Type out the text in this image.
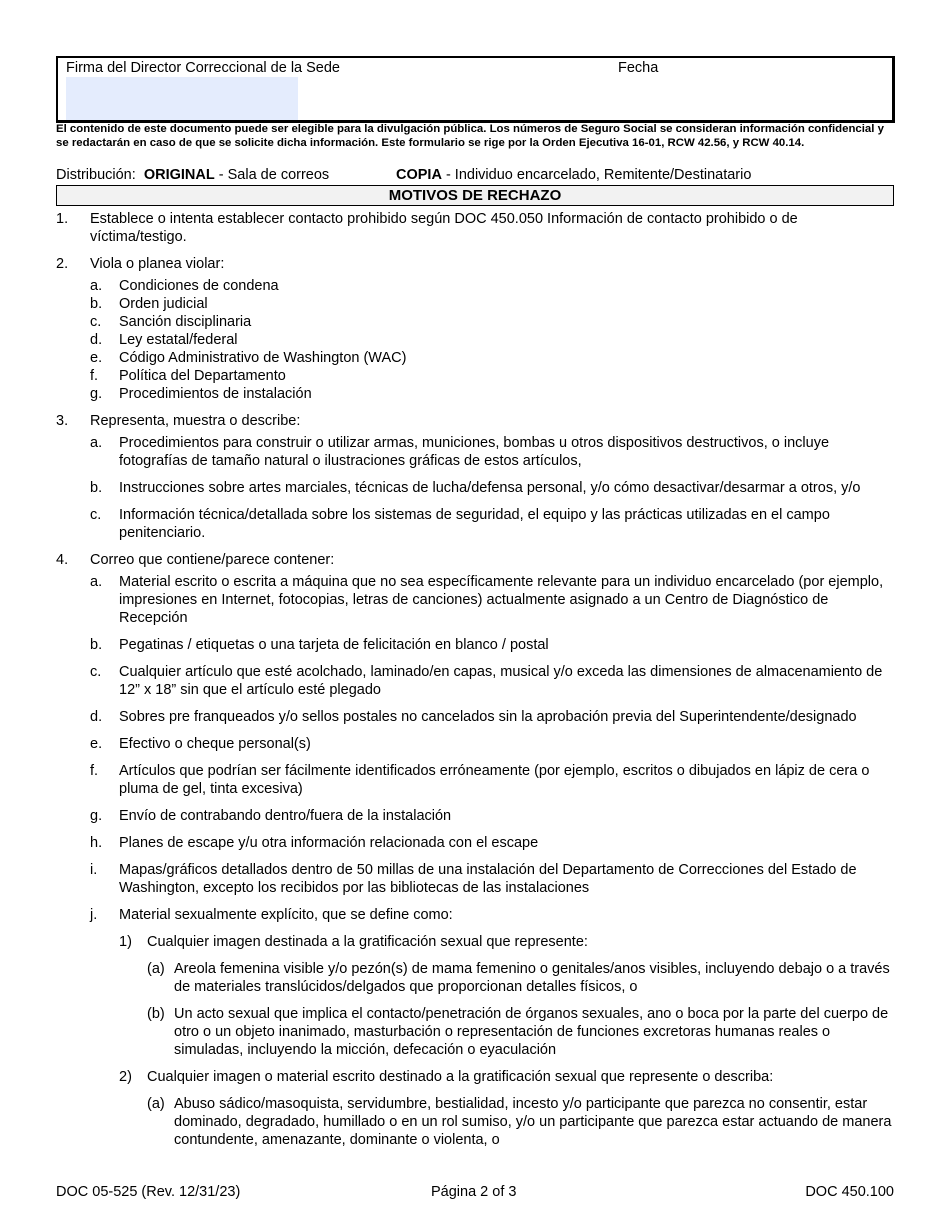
Firma del Director Correccional de la Sede	Fecha
El contenido de este documento puede ser elegible para la divulgación pública. Los números de Seguro Social se consideran información confidencial y se redactarán en caso de que se solicite dicha información. Este formulario se rige por la Orden Ejecutiva 16-01, RCW 42.56, y RCW 40.14.
Distribución: ORIGINAL - Sala de correos	COPIA - Individuo encarcelado, Remitente/Destinatario
MOTIVOS DE RECHAZO
1.	Establece o intenta establecer contacto prohibido según DOC 450.050 Información de contacto prohibido o de víctima/testigo.
2.	Viola o planea violar:
a.	Condiciones de condena
b.	Orden judicial
c.	Sanción disciplinaria
d.	Ley estatal/federal
e.	Código Administrativo de Washington (WAC)
f.	Política del Departamento
g.	Procedimientos de instalación
3.	Representa, muestra o describe:
a.	Procedimientos para construir o utilizar armas, municiones, bombas u otros dispositivos destructivos, o incluye fotografías de tamaño natural o ilustraciones gráficas de estos artículos,
b.	Instrucciones sobre artes marciales, técnicas de lucha/defensa personal, y/o cómo desactivar/desarmar a otros, y/o
c.	Información técnica/detallada sobre los sistemas de seguridad, el equipo y las prácticas utilizadas en el campo penitenciario.
4.	Correo que contiene/parece contener:
a.	Material escrito o escrita a máquina que no sea específicamente relevante para un individuo encarcelado (por ejemplo, impresiones en Internet, fotocopias, letras de canciones) actualmente asignado a un Centro de Diagnóstico de Recepción
b.	Pegatinas / etiquetas o una tarjeta de felicitación en blanco / postal
c.	Cualquier artículo que esté acolchado, laminado/en capas, musical y/o exceda las dimensiones de almacenamiento de 12” x 18” sin que el artículo esté plegado
d.	Sobres pre franqueados y/o sellos postales no cancelados sin la aprobación previa del Superintendente/designado
e.	Efectivo o cheque personal(s)
f.	Artículos que podrían ser fácilmente identificados erróneamente (por ejemplo, escritos o dibujados en lápiz de cera o pluma de gel, tinta excesiva)
g.	Envío de contrabando dentro/fuera de la instalación
h.	Planes de escape y/u otra información relacionada con el escape
i.	Mapas/gráficos detallados dentro de 50 millas de una instalación del Departamento de Correcciones del Estado de Washington, excepto los recibidos por las bibliotecas de las instalaciones
j.	Material sexualmente explícito, que se define como:
1)	Cualquier imagen destinada a la gratificación sexual que represente:
(a) Areola femenina visible y/o pezón(s) de mama femenino o genitales/anos visibles, incluyendo debajo o a través de materiales translúcidos/delgados que proporcionan detalles físicos, o
(b) Un acto sexual que implica el contacto/penetración de órganos sexuales, ano o boca por la parte del cuerpo de otro o un objeto inanimado, masturbación o representación de funciones excretoras humanas reales o simuladas, incluyendo la micción, defecación o eyaculación
2)	Cualquier imagen o material escrito destinado a la gratificación sexual que represente o describa:
(a) Abuso sádico/masoquista, servidumbre, bestialidad, incesto y/o participante que parezca no consentir, estar dominado, degradado, humillado o en un rol sumiso, y/o un participante que parezca estar actuando de manera contundente, amenazante, dominante o violenta, o
DOC 05-525 (Rev. 12/31/23)	Página 2 of 3	DOC 450.100
